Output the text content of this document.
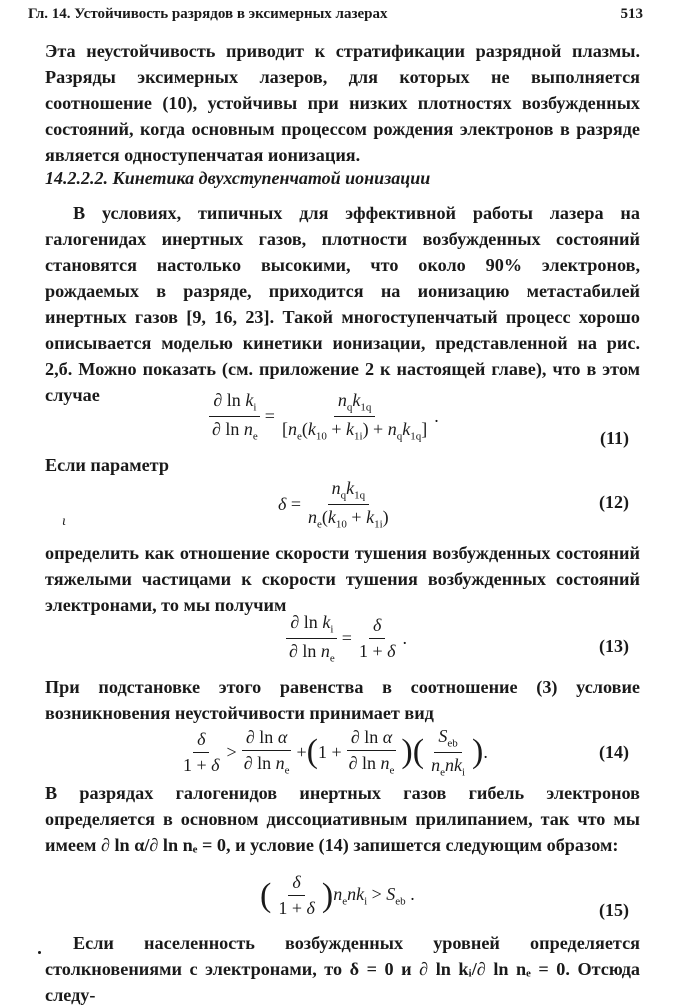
Гл. 14. Устойчивость разрядов в эксимерных лазерах	513

Эта неустойчивость приводит к стратификации разрядной плазмы. Разряды эксимерных лазеров, для которых не выполняется соотношение (10), устойчивы при низких плотностях возбужденных состояний, когда основным процессом рождения электронов в разряде является одноступенчатая ионизация.

14.2.2.2. Кинетика двухступенчатой ионизации

В условиях, типичных для эффективной работы лазера на галогенидах инертных газов, плотности возбужденных состояний становятся настолько высокими, что около 90% электронов, рождаемых в разряде, приходится на ионизацию метастабилей инертных газов [9, 16, 23]. Такой многоступенчатый процесс хорошо описывается моделью кинетики ионизации, представленной на рис. 2,б. Можно показать (см. приложение 2 к настоящей главе), что в этом случае	$\frac{\partial \ln k_i}{\partial \ln n_e} = \frac{n_qk_{1q}}{[n_e(k_{10} + k_{1i}) + n_qk_{1q}]}$ .
(11)

Если параметр

$\delta = \frac{n_qk_{1q}}{n_e(k_{10} + k_{1i})}$	(12)
ι

определить как отношение скорости тушения возбужденных состояний тяжелыми частицами к скорости тушения возбужденных состояний электронами, то мы получим

$\frac{\partial \ln k_i}{\partial \ln n_e} = \frac{\delta}{1 + \delta}$ .	(13)

При подстановке этого равенства в соотношение (3) условие возникновения неустойчивости принимает вид

$\frac{\delta}{1 + \delta} > \frac{\text{∂ ln α}}{\partial \ln n_e}$ + ( $1 + \frac{\text{∂ ln α}}{\partial \ln n_e}$ )( $\frac{S_{eb}}{n_enk_i}$ ) .	(14)

В разрядах галогенидов инертных газов гибель электронов определяется в основном диссоциативным прилипанием, так что мы имеем ∂ ln α/∂ ln nₑ = 0, и условие (14) запишется следующим образом:

( $\frac{\delta}{1 + \delta}$ ) $n_enk_i > S_{eb}$ .
(15)

Если населенность возбужденных уровней определяется столкновениями с электронами, то δ = 0 и ∂ ln kᵢ/∂ ln nₑ = 0. Отсюда следу-
